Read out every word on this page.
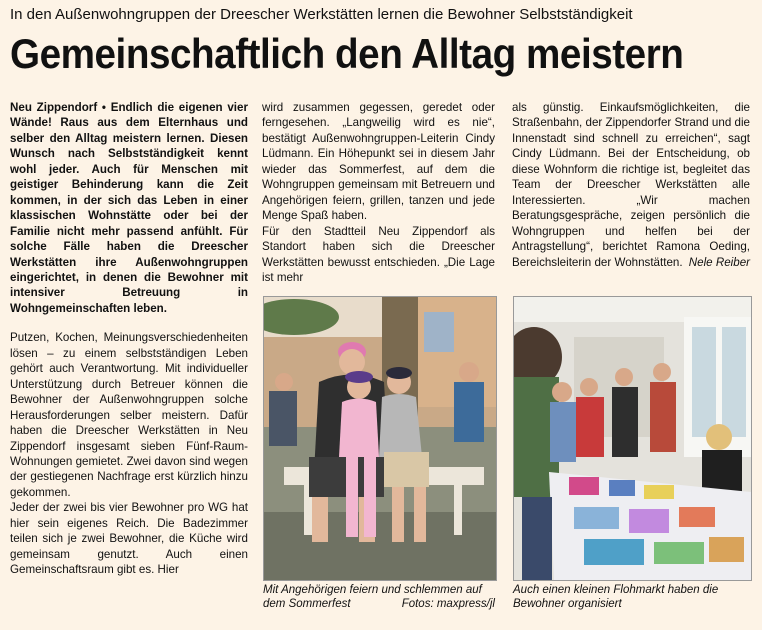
In den Außenwohngruppen der Dreescher Werkstätten lernen die Bewohner Selbstständigkeit
Gemeinschaftlich den Alltag meistern

Neu Zippendorf • Endlich die eigenen vier Wände! Raus aus dem Elternhaus und selber den Alltag meistern lernen. Diesen Wunsch nach Selbstständigkeit kennt wohl jeder. Auch für Menschen mit geistiger Behinderung kann die Zeit kommen, in der sich das Leben in einer klassischen Wohnstätte oder bei der Familie nicht mehr passend anfühlt. Für solche Fälle haben die Dreescher Werkstätten ihre Außenwohngruppen eingerichtet, in denen die Bewohner mit intensiver Betreuung in Wohngemeinschaften leben.

Putzen, Kochen, Meinungsverschiedenheiten lösen – zu einem selbstständigen Leben gehört auch Verantwortung. Mit individueller Unterstützung durch Betreuer können die Bewohner der Außenwohngruppen solche Herausforderungen selber meistern. Dafür haben die Dreescher Werkstätten in Neu Zippendorf insgesamt sieben Fünf-Raum-Wohnungen gemietet. Zwei davon sind wegen der gestiegenen Nachfrage erst kürzlich hinzu gekommen.

Jeder der zwei bis vier Bewohner pro WG hat hier sein eigenes Reich. Die Badezimmer teilen sich je zwei Bewohner, die Küche wird gemeinsam genutzt. Auch einen Gemeinschaftsraum gibt es. Hier

wird zusammen gegessen, geredet oder ferngesehen. „Langweilig wird es nie“, bestätigt Außenwohngruppen-Leiterin Cindy Lüdmann. Ein Höhepunkt sei in diesem Jahr wieder das Sommerfest, auf dem die Wohngruppen gemeinsam mit Betreuern und Angehörigen feiern, grillen, tanzen und jede Menge Spaß haben.

Für den Stadtteil Neu Zippendorf als Standort haben sich die Dreescher Werkstätten bewusst entschieden. „Die Lage ist mehr

als günstig. Einkaufsmöglichkeiten, die Straßenbahn, der Zippendorfer Strand und die Innenstadt sind schnell zu erreichen“, sagt Cindy Lüdmann. Bei der Entscheidung, ob diese Wohnform die richtige ist, begleitet das Team der Dreescher Werkstätten alle Interessierten. „Wir machen Beratungsgespräche, zeigen persönlich die Wohngruppen und helfen bei der Antragstellung“, berichtet Ramona Oeding, Bereichsleiterin der Wohnstätten. Nele Reiber

Mit Angehörigen feiern und schlemmen auf dem Sommerfest	Fotos: maxpress/jl
Auch einen kleinen Flohmarkt haben die Bewohner organisiert
